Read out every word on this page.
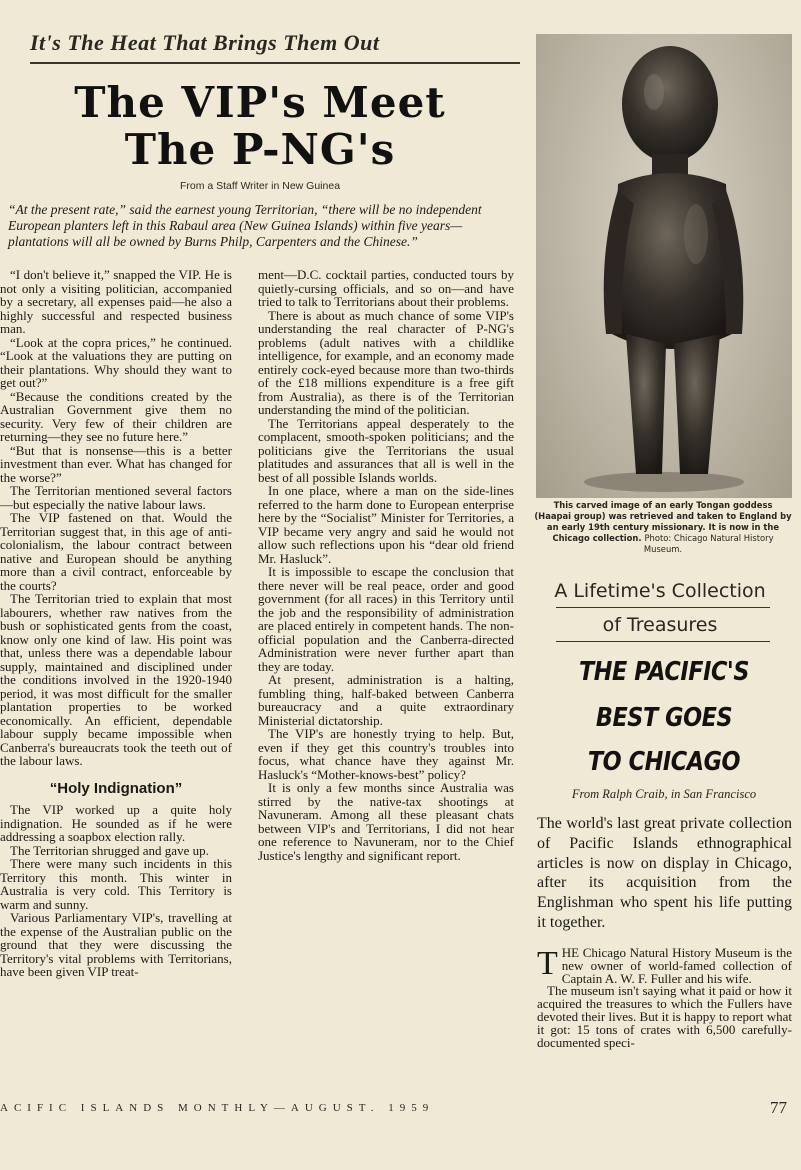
It's The Heat That Brings Them Out
The VIP's Meet
The P-NG's
From a Staff Writer in New Guinea
“At the present rate,” said the earnest young Territorian, “there will be no independent European planters left in this Rabaul area (New Guinea Islands) within five years—plantations will all be owned by Burns Philp, Carpenters and the Chinese.”

“I don't believe it,” snapped the VIP. He is not only a visiting politician, accompanied by a secretary, all expenses paid—he also a highly successful and respected business man.

“Look at the copra prices,” he continued. “Look at the valuations they are putting on their plantations. Why should they want to get out?”

“Because the conditions created by the Australian Government give them no security. Very few of their children are returning—they see no future here.”

“But that is nonsense—this is a better investment than ever. What has changed for the worse?”

The Territorian mentioned several factors—but especially the native labour laws.

The VIP fastened on that. Would the Territorian suggest that, in this age of anti-colonialism, the labour contract between native and European should be anything more than a civil contract, enforceable by the courts?

The Territorian tried to explain that most labourers, whether raw natives from the bush or sophisticated gents from the coast, know only one kind of law. His point was that, unless there was a dependable labour supply, maintained and disciplined under the conditions involved in the 1920-1940 period, it was most difficult for the smaller plantation properties to be worked economically. An efficient, dependable labour supply became impossible when Canberra's bureaucrats took the teeth out of the labour laws.

“Holy Indignation”

The VIP worked up a quite holy indignation. He sounded as if he were addressing a soapbox election rally.

The Territorian shrugged and gave up.

There were many such incidents in this Territory this month. This winter in Australia is very cold. This Territory is warm and sunny.

Various Parliamentary VIP's, travelling at the expense of the Australian public on the ground that they were discussing the Territory's vital problems with Territorians, have been given VIP treat-

ment—D.C. cocktail parties, conducted tours by quietly-cursing officials, and so on—and have tried to talk to Territorians about their problems.

There is about as much chance of some VIP's understanding the real character of P-NG's problems (adult natives with a childlike intelligence, for example, and an economy made entirely cock-eyed because more than two-thirds of the £18 millions expenditure is a free gift from Australia), as there is of the Territorian understanding the mind of the politician.

The Territorians appeal desperately to the complacent, smooth-spoken politicians; and the politicians give the Territorians the usual platitudes and assurances that all is well in the best of all possible Islands worlds.

In one place, where a man on the side-lines referred to the harm done to European enterprise here by the “Socialist” Minister for Territories, a VIP became very angry and said he would not allow such reflections upon his “dear old friend Mr. Hasluck”.

It is impossible to escape the conclusion that there never will be real peace, order and good government (for all races) in this Territory until the job and the responsibility of administration are placed entirely in competent hands. The non-official population and the Canberra-directed Administration were never further apart than they are today.

At present, administration is a halting, fumbling thing, half-baked between Canberra bureaucracy and a quite extraordinary Ministerial dictatorship.

The VIP's are honestly trying to help. But, even if they get this country's troubles into focus, what chance have they against Mr. Hasluck's “Mother-knows-best” policy?

It is only a few months since Australia was stirred by the native-tax shootings at Navuneram. Among all these pleasant chats between VIP's and Territorians, I did not hear one reference to Navuneram, nor to the Chief Justice's lengthy and significant report.

This carved image of an early Tongan goddess (Haapai group) was retrieved and taken to England by an early 19th century missionary. It is now in the Chicago collection. Photo: Chicago Natural History Museum.
A Lifetime's Collection
of Treasures
THE PACIFIC'S
BEST GOES
TO CHICAGO
From Ralph Craib, in San Francisco
The world's last great private collection of Pacific Islands ethnographical articles is now on display in Chicago, after its acquisition from the Englishman who spent his life putting it together.

THE Chicago Natural History Museum is the new owner of world-famed collection of Captain A. W. F. Fuller and his wife.

The museum isn't saying what it paid or how it acquired the treasures to which the Fullers have devoted their lives. But it is happy to report what it got: 15 tons of crates with 6,500 carefully-documented speci-

ACIFIC ISLANDS MONTHLY—AUGUST. 1959	77
